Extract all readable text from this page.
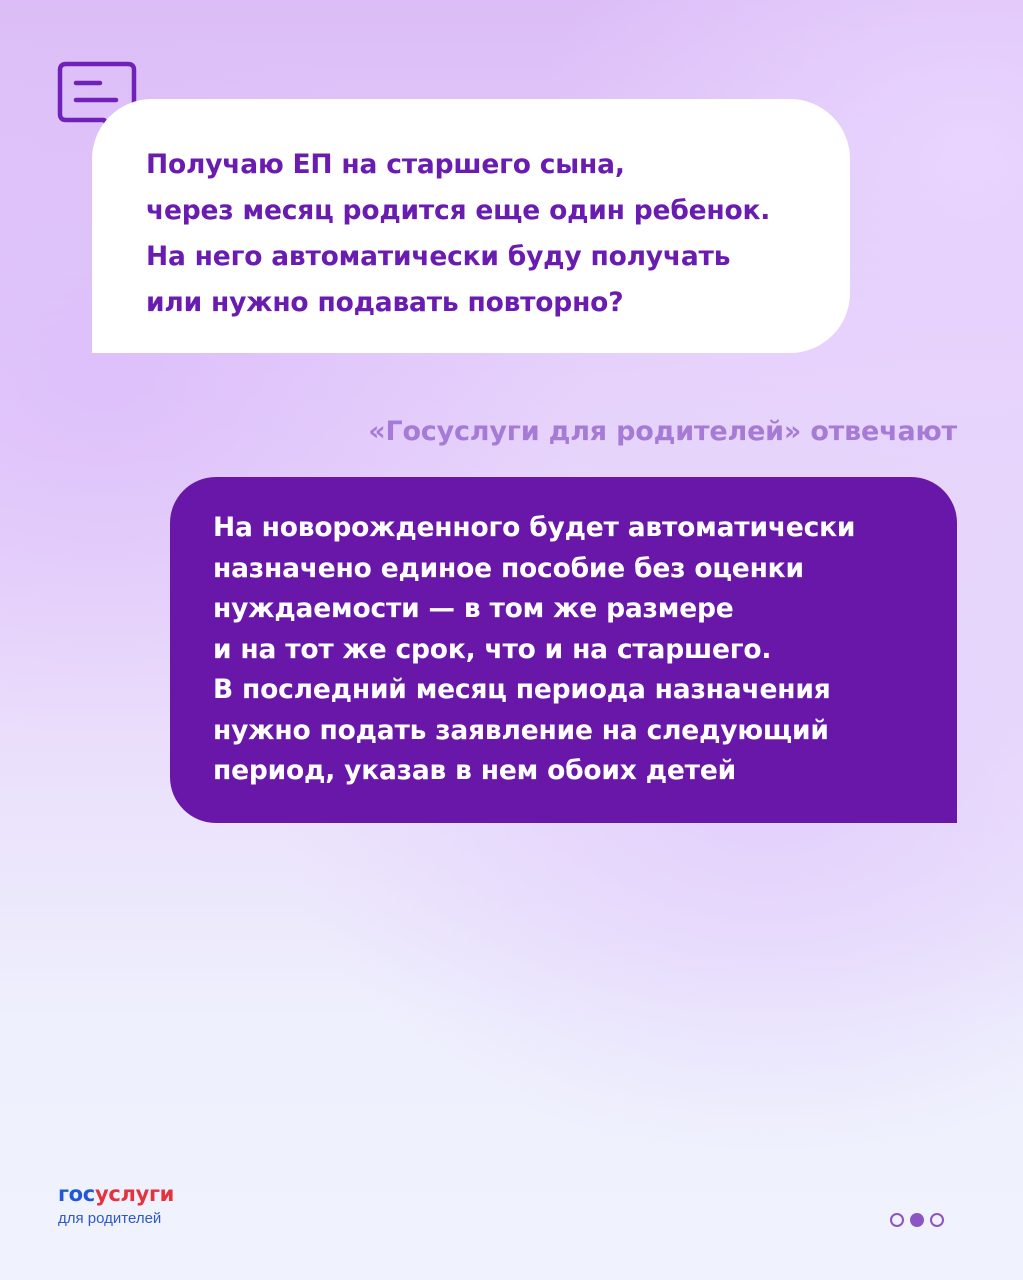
Получаю ЕП на старшего сына,
через месяц родится еще один ребенок.
На него автоматически буду получать
или нужно подавать повторно?

«Госуслуги для родителей» отвечают

На новорожденного будет автоматически
назначено единое пособие без оценки
нуждаемости — в том же размере
и на тот же срок, что и на старшего.
В последний месяц периода назначения
нужно подать заявление на следующий
период, указав в нем обоих детей

госуслуги
для родителей
